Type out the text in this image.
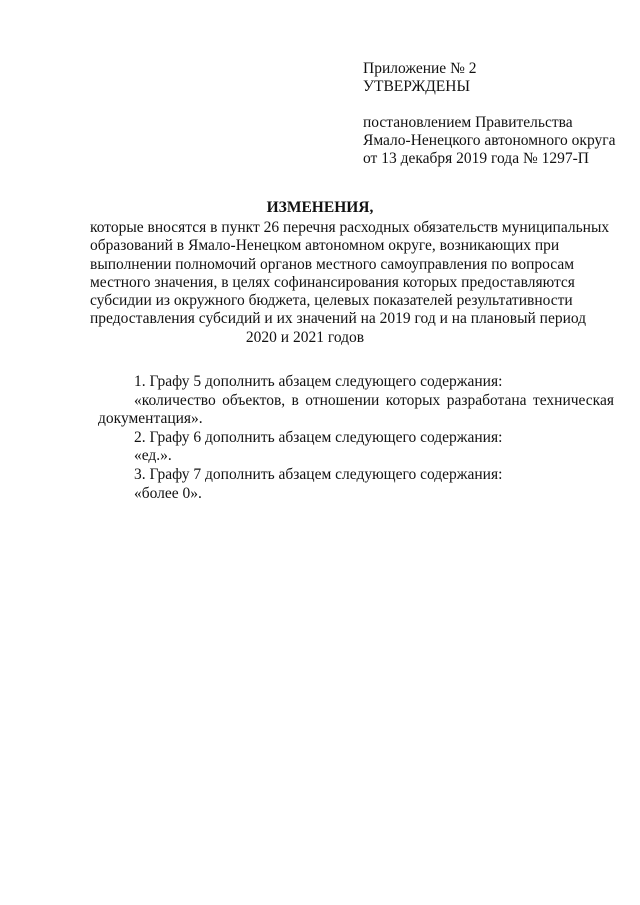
Приложение № 2
УТВЕРЖДЕНЫ
постановлением Правительства
Ямало-Ненецкого автономного округа
от 13 декабря 2019 года № 1297-П
ИЗМЕНЕНИЯ,
которые вносятся в пункт 26 перечня расходных обязательств муниципальных
образований в Ямало-Ненецком автономном округе, возникающих при
выполнении полномочий органов местного самоуправления по вопросам
местного значения, в целях софинансирования которых предоставляются
субсидии из окружного бюджета, целевых показателей результативности
предоставления субсидий и их значений на 2019 год и на плановый период
2020 и 2021 годов

1. Графу 5 дополнить абзацем следующего содержания:

«количество объектов, в отношении которых разработана техническая

документация».

2. Графу 6 дополнить абзацем следующего содержания:

«ед.».

3. Графу 7 дополнить абзацем следующего содержания:

«более 0».
